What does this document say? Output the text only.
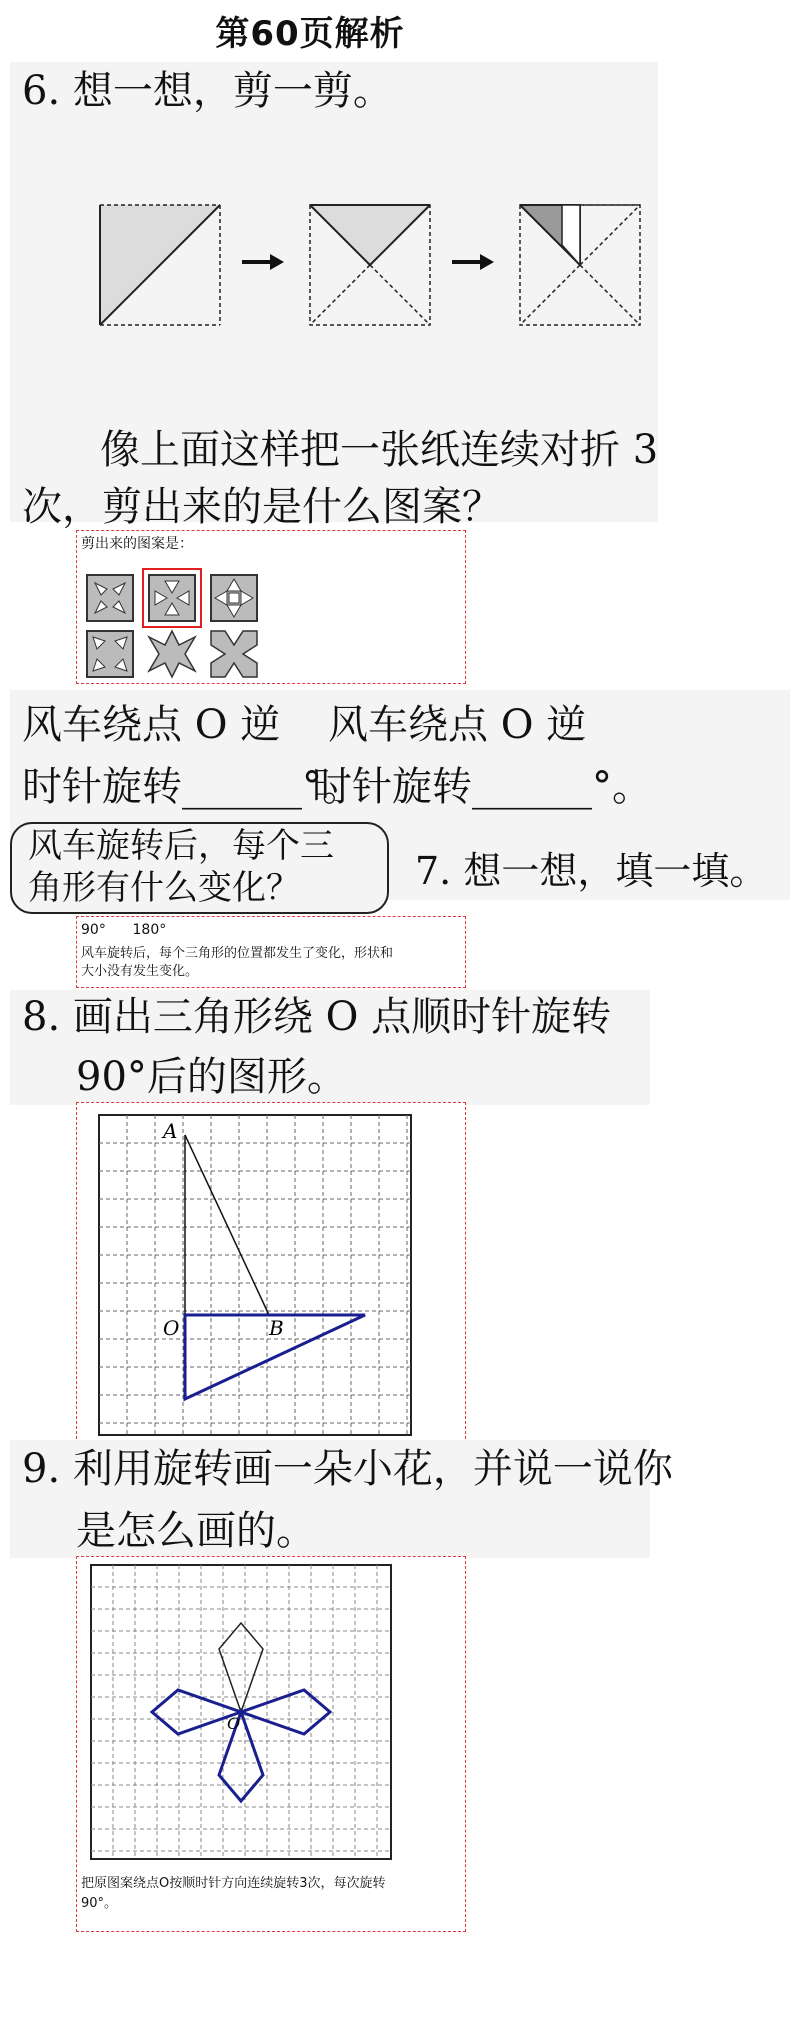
第60页解析
6. 想一想，剪一剪。
像上面这样把一张纸连续对折 3
次，剪出来的是什么图案？
剪出来的图案是：
风车绕点 O 逆 风车绕点 O 逆
时针旋转______°。
时针旋转______°。
风车旋转后，每个三
角形有什么变化？	7. 想一想，填一填。
90°      180°
风车旋转后，每个三角形的位置都发生了变化，形状和
大小没有发生变化。
8. 画出三角形绕 O 点顺时针旋转
90°后的图形。
A
B
O
9. 利用旋转画一朵小花，并说一说你
是怎么画的。
O
把原图案绕点O按顺时针方向连续旋转3次，每次旋转
90°。
